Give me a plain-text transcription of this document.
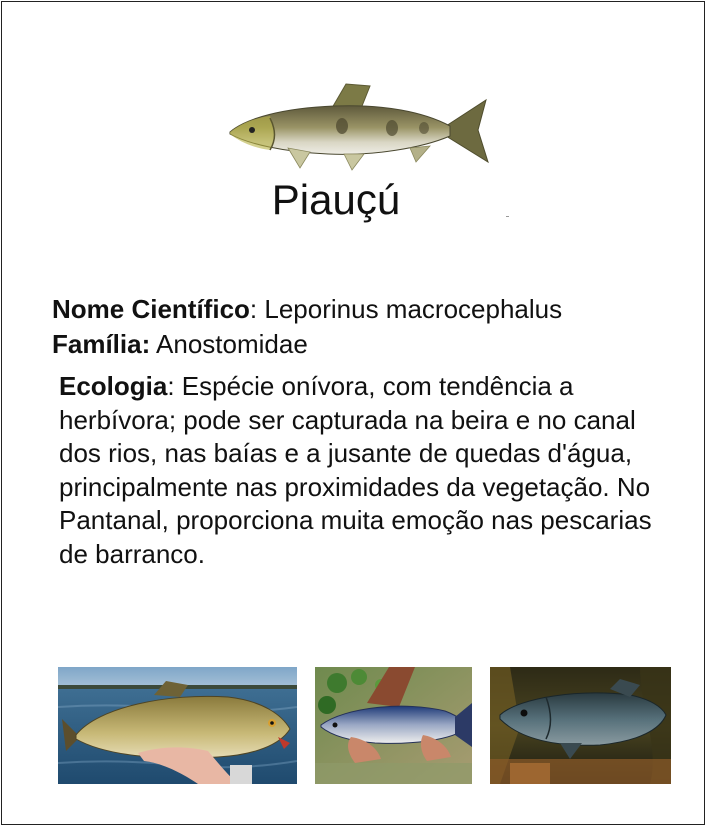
Piauçú
Nome Científico: Leporinus macrocephalus
Família: Anostomidae
Ecologia: Espécie onívora, com tendência a herbívora; pode ser capturada na beira e no canal dos rios, nas baías e a jusante de quedas d'água, principalmente nas proximidades da vegetação. No Pantanal, proporciona muita emoção nas pescarias de barranco.
